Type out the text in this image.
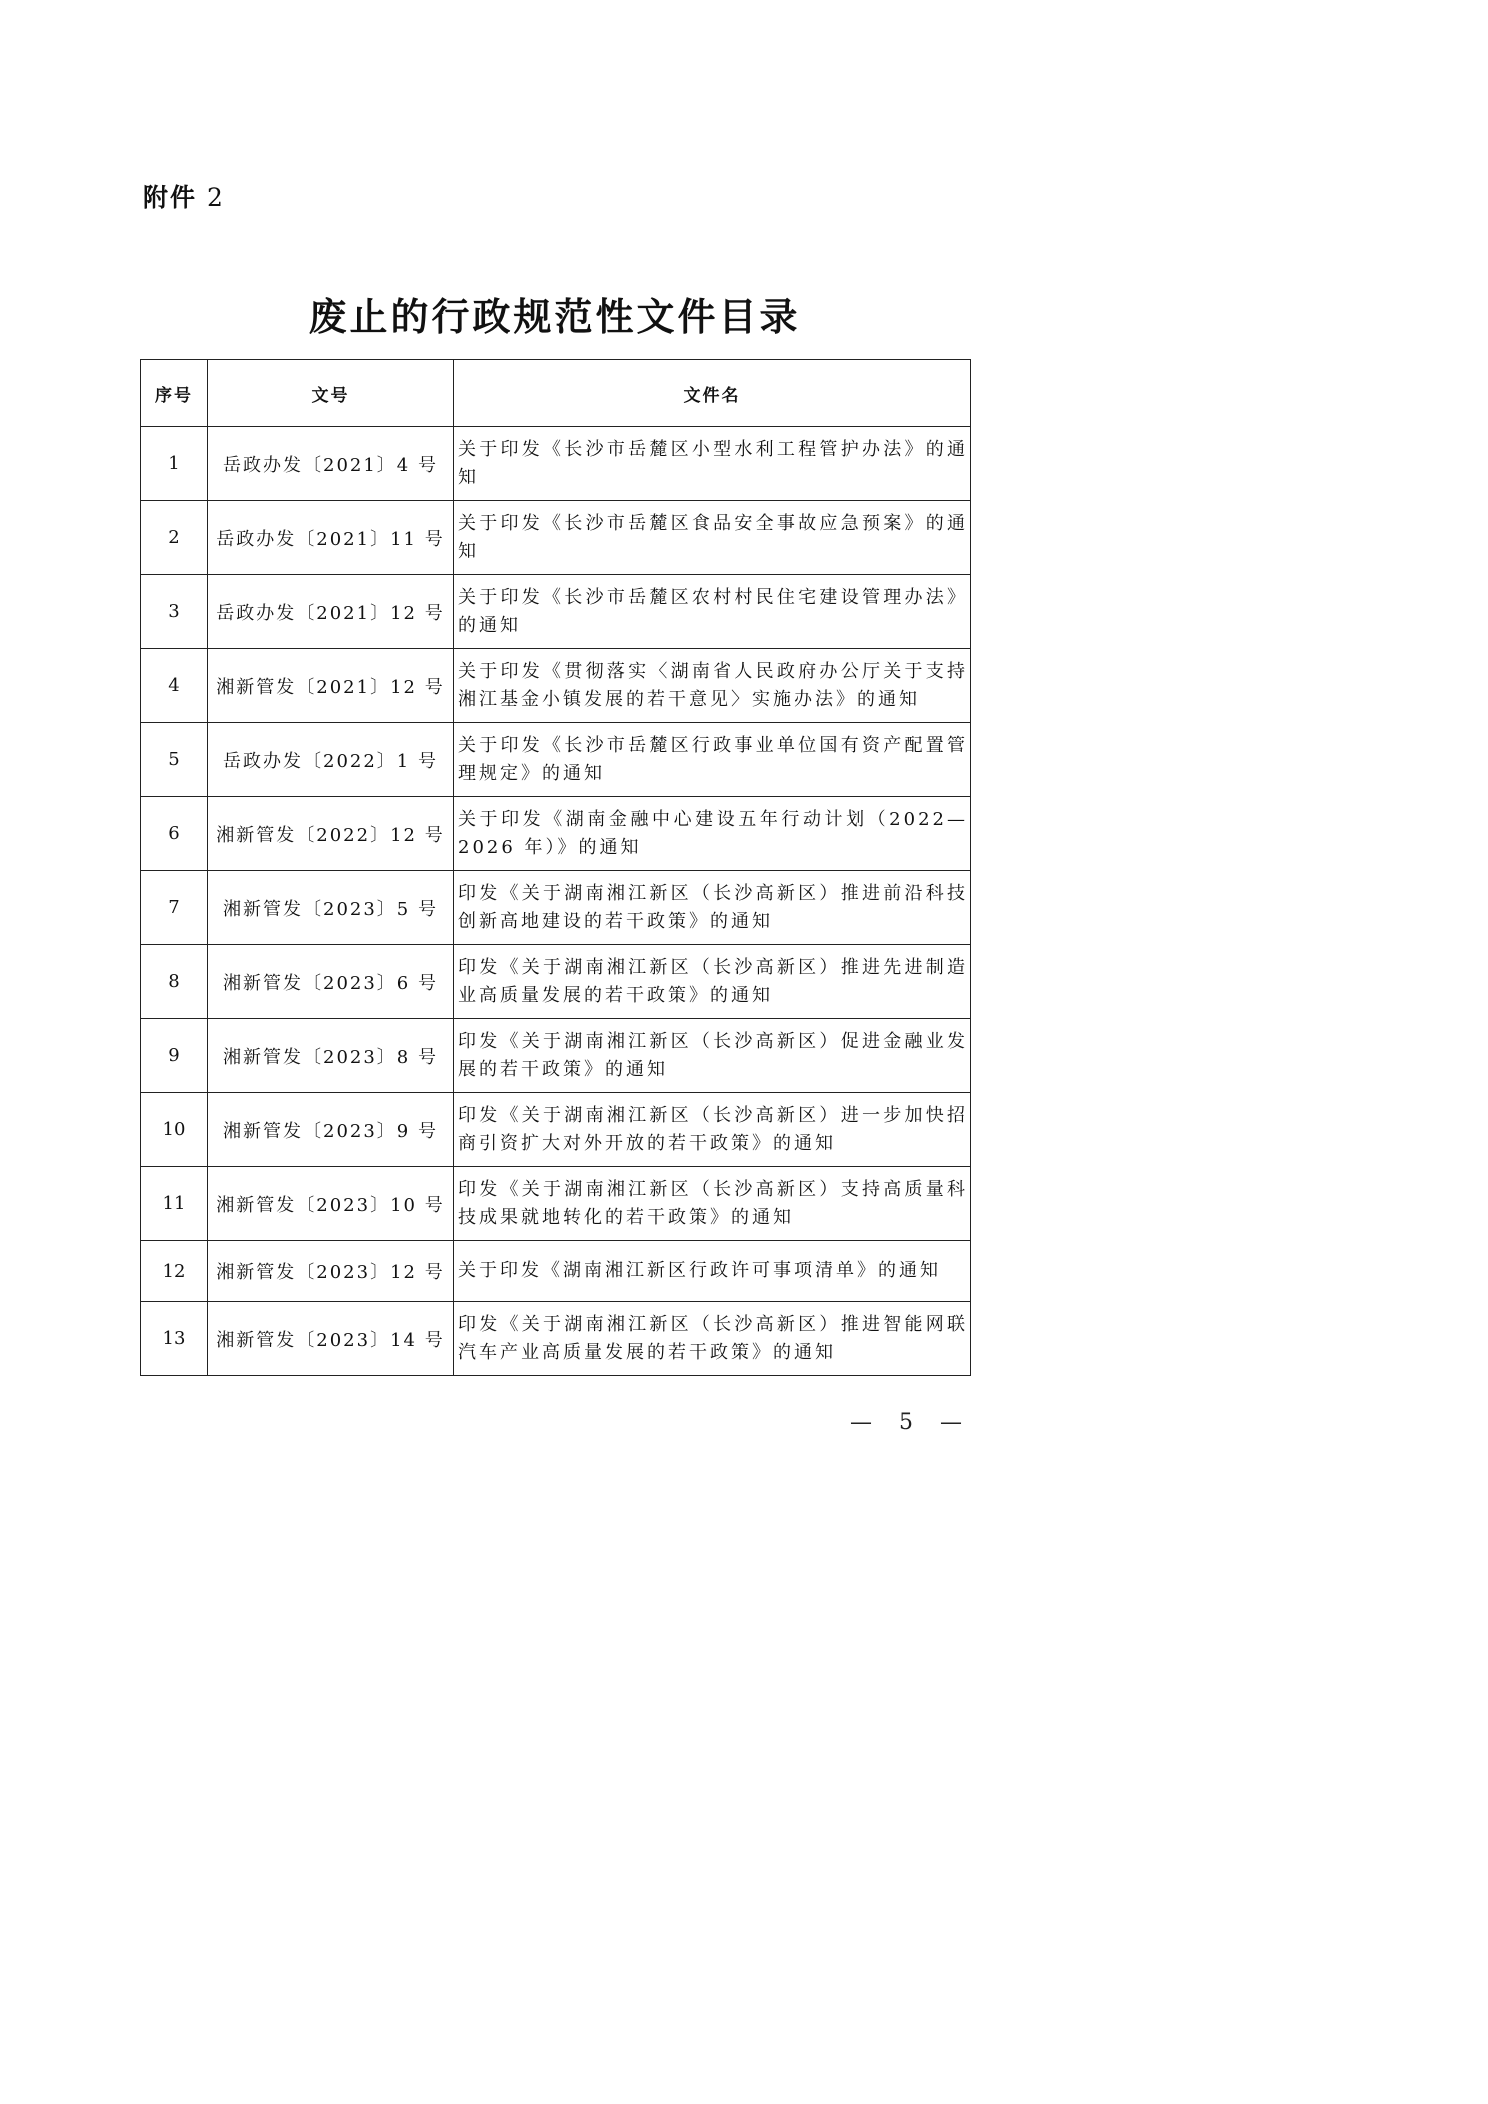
附件 2
废止的行政规范性文件目录
序号	文号	文件名
1	岳政办发〔2021〕4 号	关于印发《长沙市岳麓区小型水利工程管护办法》的通知
2	岳政办发〔2021〕11 号	关于印发《长沙市岳麓区食品安全事故应急预案》的通知
3	岳政办发〔2021〕12 号	关于印发《长沙市岳麓区农村村民住宅建设管理办法》的通知
4	湘新管发〔2021〕12 号	关于印发《贯彻落实〈湖南省人民政府办公厅关于支持湘江基金小镇发展的若干意见〉实施办法》的通知
5	岳政办发〔2022〕1 号	关于印发《长沙市岳麓区行政事业单位国有资产配置管理规定》的通知
6	湘新管发〔2022〕12 号	关于印发《湖南金融中心建设五年行动计划（2022—2026 年）》的通知
7	湘新管发〔2023〕5 号	印发《关于湖南湘江新区（长沙高新区）推进前沿科技创新高地建设的若干政策》的通知
8	湘新管发〔2023〕6 号	印发《关于湖南湘江新区（长沙高新区）推进先进制造业高质量发展的若干政策》的通知
9	湘新管发〔2023〕8 号	印发《关于湖南湘江新区（长沙高新区）促进金融业发展的若干政策》的通知
10	湘新管发〔2023〕9 号	印发《关于湖南湘江新区（长沙高新区）进一步加快招商引资扩大对外开放的若干政策》的通知
11	湘新管发〔2023〕10 号	印发《关于湖南湘江新区（长沙高新区）支持高质量科技成果就地转化的若干政策》的通知
12	湘新管发〔2023〕12 号	关于印发《湖南湘江新区行政许可事项清单》的通知
13	湘新管发〔2023〕14 号	印发《关于湖南湘江新区（长沙高新区）推进智能网联汽车产业高质量发展的若干政策》的通知
— 5 —
